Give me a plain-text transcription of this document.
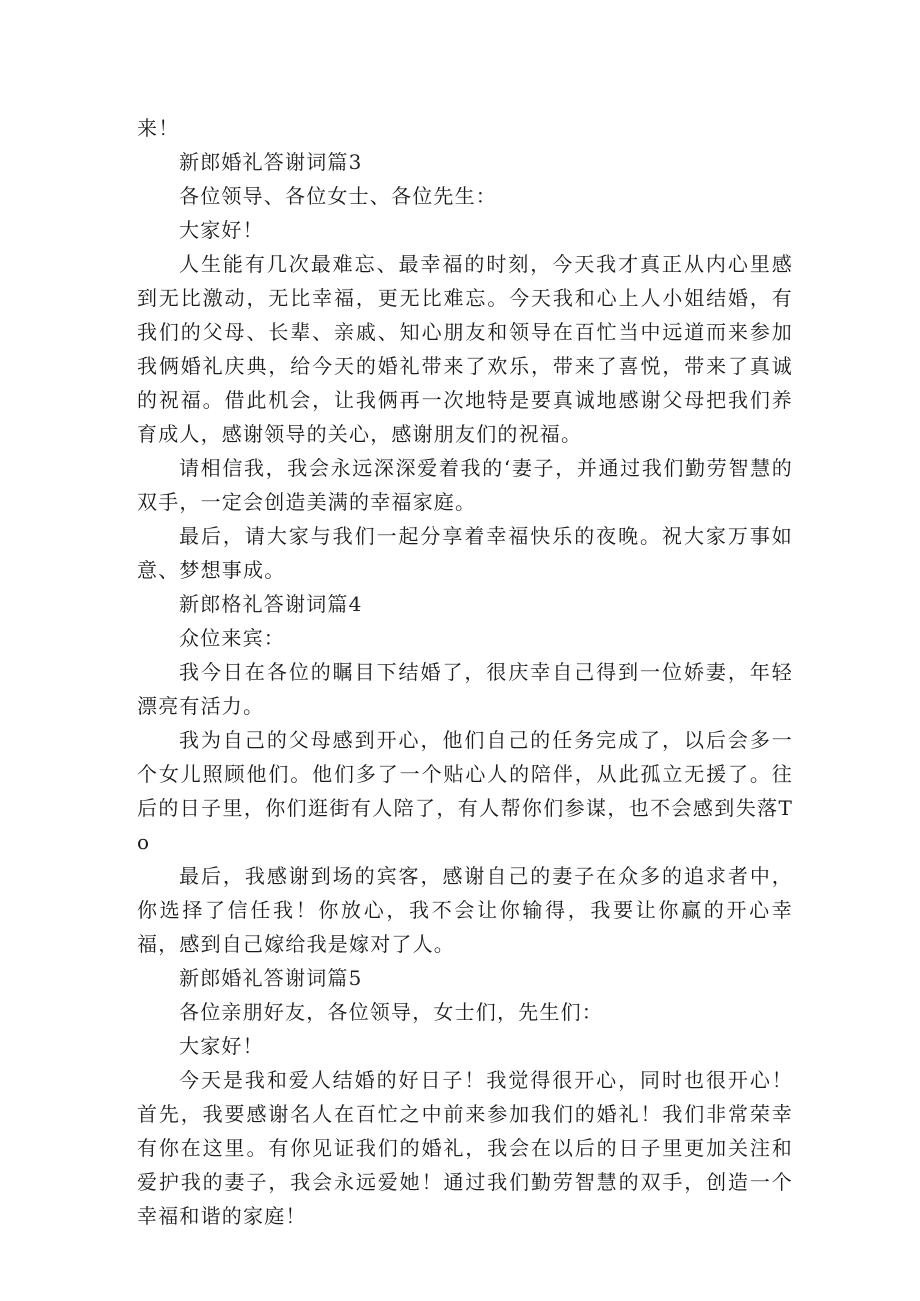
来！

新郎婚礼答谢词篇3

各位领导、各位女士、各位先生：

大家好！

人生能有几次最难忘、最幸福的时刻，今天我才真正从内心里感到无比激动，无比幸福，更无比难忘。今天我和心上人小姐结婚，有我们的父母、长辈、亲戚、知心朋友和领导在百忙当中远道而来参加我俩婚礼庆典，给今天的婚礼带来了欢乐，带来了喜悦，带来了真诚的祝福。借此机会，让我俩再一次地特是要真诚地感谢父母把我们养育成人，感谢领导的关心，感谢朋友们的祝福。

请相信我，我会永远深深爱着我的‘妻子，并通过我们勤劳智慧的双手，一定会创造美满的幸福家庭。

最后，请大家与我们一起分享着幸福快乐的夜晚。祝大家万事如意、梦想事成。

新郎格礼答谢词篇4

众位来宾：

我今日在各位的瞩目下结婚了，很庆幸自己得到一位娇妻，年轻漂亮有活力。

我为自己的父母感到开心，他们自己的任务完成了，以后会多一个女儿照顾他们。他们多了一个贴心人的陪伴，从此孤立无援了。往后的日子里，你们逛街有人陪了，有人帮你们参谋，也不会感到失落To

最后，我感谢到场的宾客，感谢自己的妻子在众多的追求者中，你选择了信任我！你放心，我不会让你输得，我要让你赢的开心幸福，感到自己嫁给我是嫁对了人。

新郎婚礼答谢词篇5

各位亲朋好友，各位领导，女士们，先生们：

大家好！

今天是我和爱人结婚的好日子！我觉得很开心，同时也很开心！首先，我要感谢名人在百忙之中前来参加我们的婚礼！我们非常荣幸有你在这里。有你见证我们的婚礼，我会在以后的日子里更加关注和爱护我的妻子，我会永远爱她！通过我们勤劳智慧的双手，创造一个幸福和谐的家庭！
